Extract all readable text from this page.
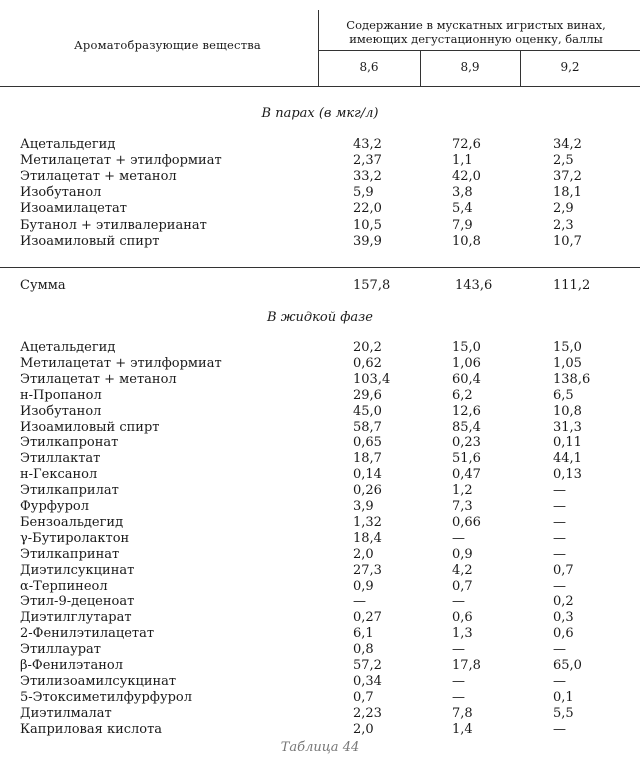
Ароматобразующие вещества
Содержание в мускатных игристых винах,
имеющих дегустационную оценку, баллы
8,6	8,9	9,2
В парах (в мкг/л)
Ацетальдегид	43,2	72,6	34,2
Метилацетат + этилформиат	2,37	1,1	2,5
Этилацетат + метанол	33,2	42,0	37,2
Изобутанол	5,9	3,8	18,1
Изоамилацетат	22,0	5,4	2,9
Бутанол + этилвалерианат	10,5	7,9	2,3
Изоамиловый спирт	39,9	10,8	10,7
Сумма	157,8	143,6	111,2
В жидкой фазе
Ацетальдегид	20,2	15,0	15,0
Метилацетат + этилформиат	0,62	1,06	1,05
Этилацетат + метанол	103,4	60,4	138,6
н-Пропанол	29,6	6,2	6,5
Изобутанол	45,0	12,6	10,8
Изоамиловый спирт	58,7	85,4	31,3
Этилкапронат	0,65	0,23	0,11
Этиллактат	18,7	51,6	44,1
н-Гексанол	0,14	0,47	0,13
Этилкаприлат	0,26	1,2	—
Фурфурол	3,9	7,3	—
Бензоальдегид	1,32	0,66	—
γ-Бутиролактон	18,4	—	—
Этилкапринат	2,0	0,9	—
Диэтилсукцинат	27,3	4,2	0,7
α-Терпинеол	0,9	0,7	—
Этил-9-деценоат	—	—	0,2
Диэтилглутарат	0,27	0,6	0,3
2-Фенилэтилацетат	6,1	1,3	0,6
Этиллаурат	0,8	—	—
β-Фенилэтанол	57,2	17,8	65,0
Этилизоамилсукцинат	0,34	—	—
5-Этоксиметилфурфурол	0,7	—	0,1
Диэтилмалат	2,23	7,8	5,5
Каприловая кислота	2,0	1,4	—
Таблица 44
